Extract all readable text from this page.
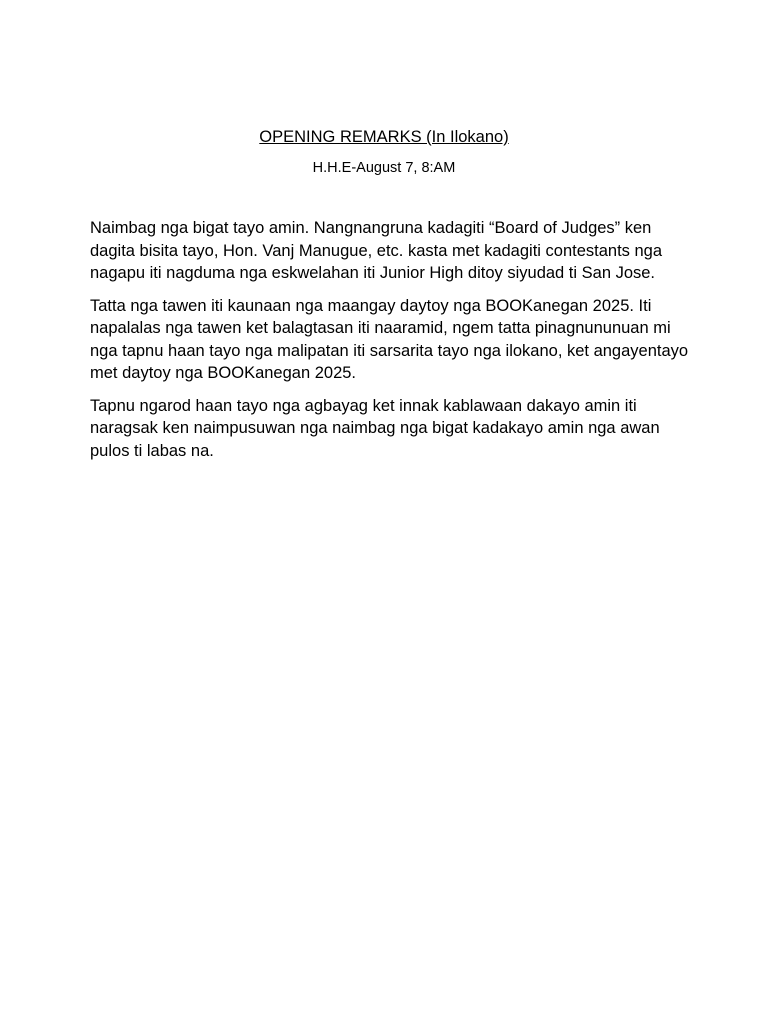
OPENING REMARKS (In Ilokano)
H.H.E-August 7, 8:AM

Naimbag nga bigat tayo amin. Nangnangruna kadagiti “Board of Judges” ken dagita bisita tayo, Hon. Vanj Manugue, etc. kasta met kadagiti contestants nga nagapu iti nagduma nga eskwelahan iti Junior High ditoy siyudad ti San Jose.

Tatta nga tawen iti kaunaan nga maangay daytoy nga BOOKanegan 2025. Iti napalalas nga tawen ket balagtasan iti naaramid, ngem tatta pinagnununuan mi nga tapnu haan tayo nga malipatan iti sarsarita tayo nga ilokano, ket angayentayo met daytoy nga BOOKanegan 2025.

Tapnu ngarod haan tayo nga agbayag ket innak kablawaan dakayo amin iti naragsak ken naimpusuwan nga naimbag nga bigat kadakayo amin nga awan pulos ti labas na.
